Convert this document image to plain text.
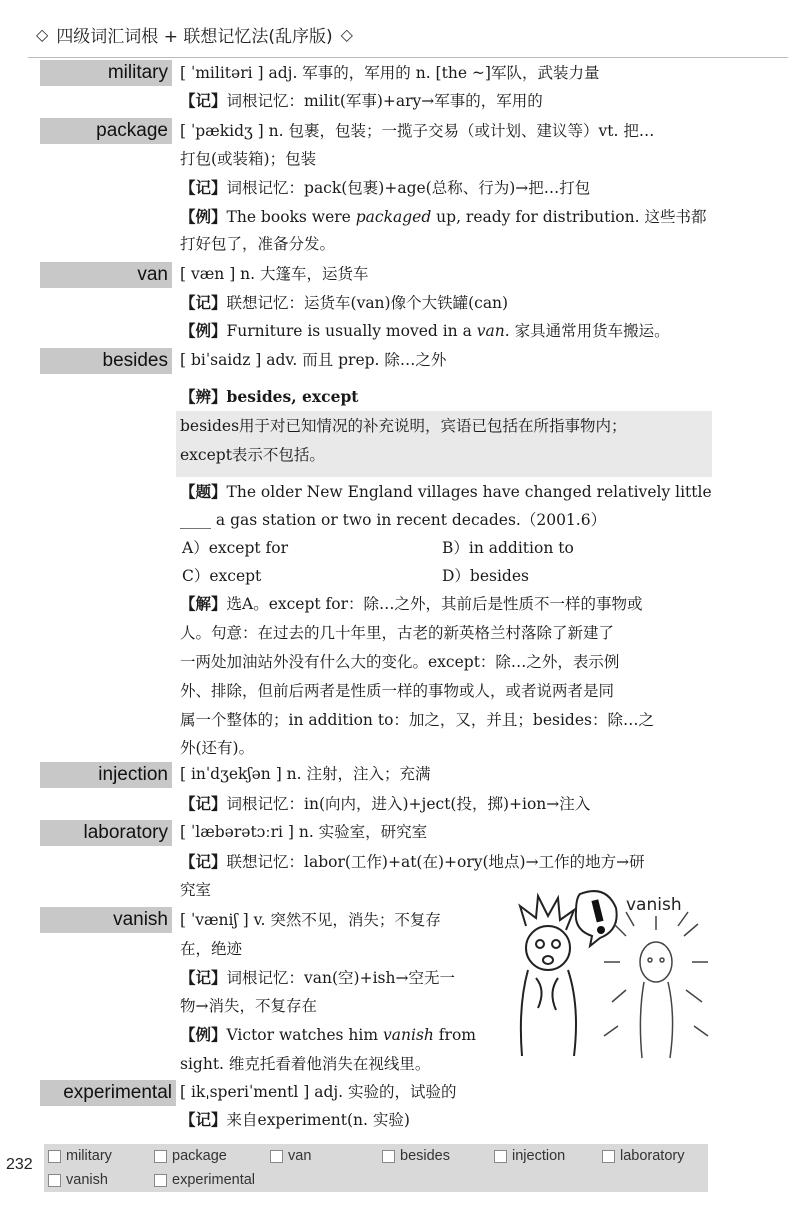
◇ 四级词汇词根 + 联想记忆法(乱序版) ◇
military [ ˈmilitəri ] adj. 军事的，军用的 n. [the ~]军队，武装力量
【记】词根记忆：milit(军事)+ary→军事的，军用的
package [ ˈpækidʒ ] n. 包裹，包装；一揽子交易（或计划、建议等）vt. 把…
打包(或装箱)；包装
【记】词根记忆：pack(包裹)+age(总称、行为)→把…打包
【例】The books were packaged up, ready for distribution. 这些书都
打好包了，准备分发。
van [ væn ] n. 大篷车，运货车
【记】联想记忆：运货车(van)像个大铁罐(can)
【例】Furniture is usually moved in a van. 家具通常用货车搬运。
besides [ biˈsaidz ] adv. 而且 prep. 除…之外
【辨】besides, except
besides用于对已知情况的补充说明，宾语已包括在所指事物内；
except表示不包括。
【题】The older New England villages have changed relatively little
____ a gas station or two in recent decades.（2001.6）
A）except for	B）in addition to
C）except	D）besides
【解】选A。except for：除…之外，其前后是性质不一样的事物或
人。句意：在过去的几十年里，古老的新英格兰村落除了新建了
一两处加油站外没有什么大的变化。except：除…之外，表示例
外、排除，但前后两者是性质一样的事物或人，或者说两者是同
属一个整体的；in addition to：加之，又，并且；besides：除…之
外(还有)。
injection [ inˈdʒekʃən ] n. 注射，注入；充满
【记】词根记忆：in(向内，进入)+ject(投，掷)+ion→注入
laboratory [ ˈlæbərətɔːri ] n. 实验室，研究室
【记】联想记忆：labor(工作)+at(在)+ory(地点)→工作的地方→研
究室
vanish [ ˈvæniʃ ] v. 突然不见，消失；不复存
在，绝迹
【记】词根记忆：van(空)+ish→空无一
物→消失，不复存在
【例】Victor watches him vanish from
sight. 维克托看着他消失在视线里。
vanish
experimental [ ikˌsperiˈmentl ] adj. 实验的，试验的
【记】来自experiment(n. 实验)
232 military	package	van	besides	injection	laboratory
vanish	experimental
